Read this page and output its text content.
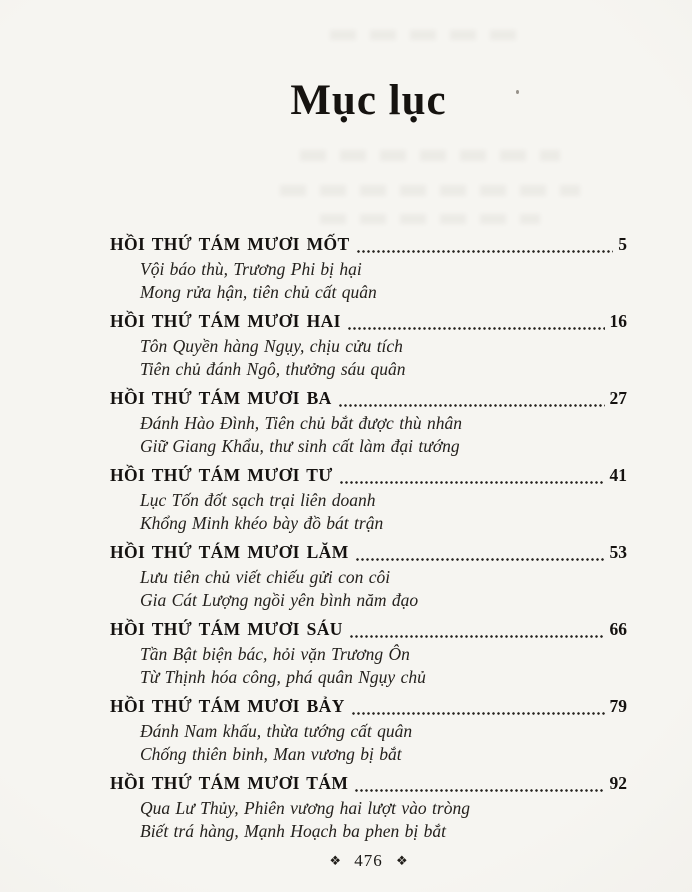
Mục lục
HỒI THỨ TÁM MƯƠI MỐT	5
Vội báo thù, Trương Phi bị hại
Mong rửa hận, tiên chủ cất quân
HỒI THỨ TÁM MƯƠI HAI	16
Tôn Quyền hàng Ngụy, chịu cửu tích
Tiên chủ đánh Ngô, thưởng sáu quân
HỒI THỨ TÁM MƯƠI BA	27
Đánh Hào Đình, Tiên chủ bắt được thù nhân
Giữ Giang Khẩu, thư sinh cất làm đại tướng
HỒI THỨ TÁM MƯƠI TƯ	41
Lục Tốn đốt sạch trại liên doanh
Khổng Minh khéo bày đồ bát trận
HỒI THỨ TÁM MƯƠI LĂM	53
Lưu tiên chủ viết chiếu gửi con côi
Gia Cát Lượng ngồi yên bình năm đạo
HỒI THỨ TÁM MƯƠI SÁU	66
Tần Bật biện bác, hỏi vặn Trương Ôn
Từ Thịnh hóa công, phá quân Ngụy chủ
HỒI THỨ TÁM MƯƠI BẢY	79
Đánh Nam khấu, thừa tướng cất quân
Chống thiên binh, Man vương bị bắt
HỒI THỨ TÁM MƯƠI TÁM	92
Qua Lư Thủy, Phiên vương hai lượt vào tròng
Biết trá hàng, Mạnh Hoạch ba phen bị bắt
❖ 476 ❖
